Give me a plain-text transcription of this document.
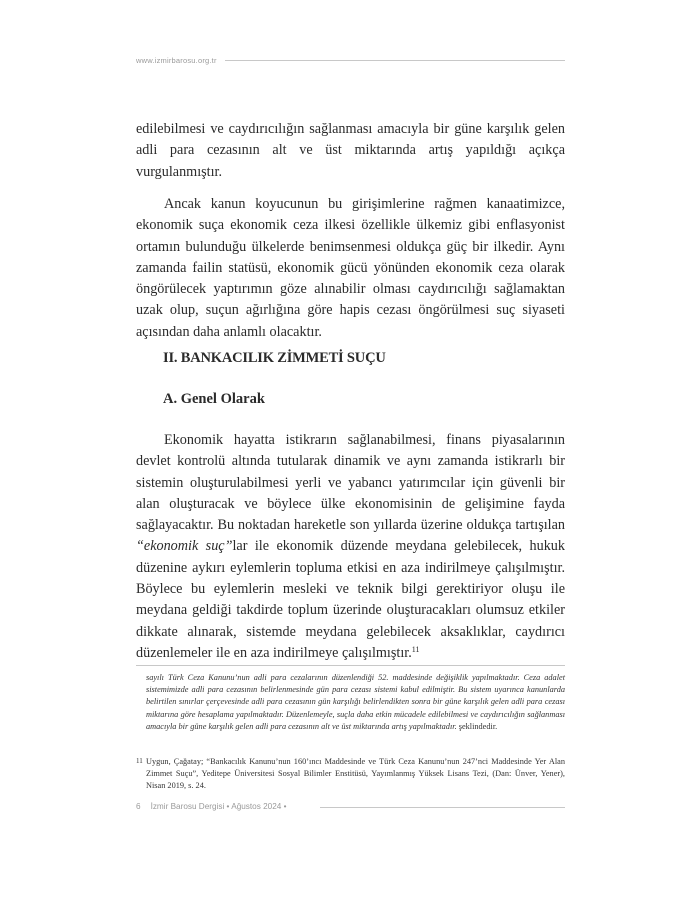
www.izmirbarosu.org.tr

edilebilmesi ve caydırıcılığın sağlanması amacıyla bir güne karşılık gelen adli para cezasının alt ve üst miktarında artış yapıldığı açıkça vurgulanmıştır.

Ancak kanun koyucunun bu girişimlerine rağmen kanaatimizce, ekonomik suça ekonomik ceza ilkesi özellikle ülkemiz gibi enflasyonist ortamın bulunduğu ülkelerde benimsenmesi oldukça güç bir ilkedir. Aynı zamanda failin statüsü, ekonomik gücü yönünden ekonomik ceza olarak öngörülecek yaptırımın göze alınabilir olması caydırıcılığı sağlamaktan uzak olup, suçun ağırlığına göre hapis cezası öngörülmesi suç siyaseti açısından daha anlamlı olacaktır.

II. BANKACILIK ZİMMETİ SUÇU
A. Genel Olarak

Ekonomik hayatta istikrarın sağlanabilmesi, finans piyasalarının devlet kontrolü altında tutularak dinamik ve aynı zamanda istikrarlı bir sistemin oluşturulabilmesi yerli ve yabancı yatırımcılar için güvenli bir alan oluşturacak ve böylece ülke ekonomisinin de gelişimine fayda sağlayacaktır. Bu noktadan hareketle son yıllarda üzerine oldukça tartışılan “ekonomik suç”lar ile ekonomik düzende meydana gelebilecek, hukuk düzenine aykırı eylemlerin topluma etkisi en aza indirilmeye çalışılmıştır. Böylece bu eylemlerin mesleki ve teknik bilgi gerektiriyor oluşu ile meydana geldiği takdirde toplum üzerinde oluşturacakları olumsuz etkiler dikkate alınarak, sistemde meydana gelebilecek aksaklıklar, caydırıcı düzenlemeler ile en aza indirilmeye çalışılmıştır.$^{11}$

sayılı Türk Ceza Kanunu’nun adli para cezalarının düzenlendiği 52. maddesinde değişiklik yapılmaktadır. Ceza adalet sistemimizde adli para cezasının belirlenmesinde gün para cezası sistemi kabul edilmiştir. Bu sistem uyarınca kanunlarda belirtilen sınırlar çerçevesinde adli para cezasının gün karşılığı belirlendikten sonra bir güne karşılık gelen adli para cezası miktarına göre hesaplama yapılmaktadır. Düzenlemeyle, suçla daha etkin mücadele edilebilmesi ve caydırıcılığın sağlanması amacıyla bir güne karşılık gelen adli para cezasının alt ve üst miktarında artış yapılmaktadır. şeklindedir.

11 Uygun, Çağatay; “Bankacılık Kanunu’nun 160’ıncı Maddesinde ve Türk Ceza Kanunu’nun 247’nci Maddesinde Yer Alan Zimmet Suçu”, Yeditepe Üniversitesi Sosyal Bilimler Enstitüsü, Yayımlanmış Yüksek Lisans Tezi, (Dan: Ünver, Yener), Nisan 2019, s. 24.

6 İzmir Barosu Dergisi • Ağustos 2024 •
